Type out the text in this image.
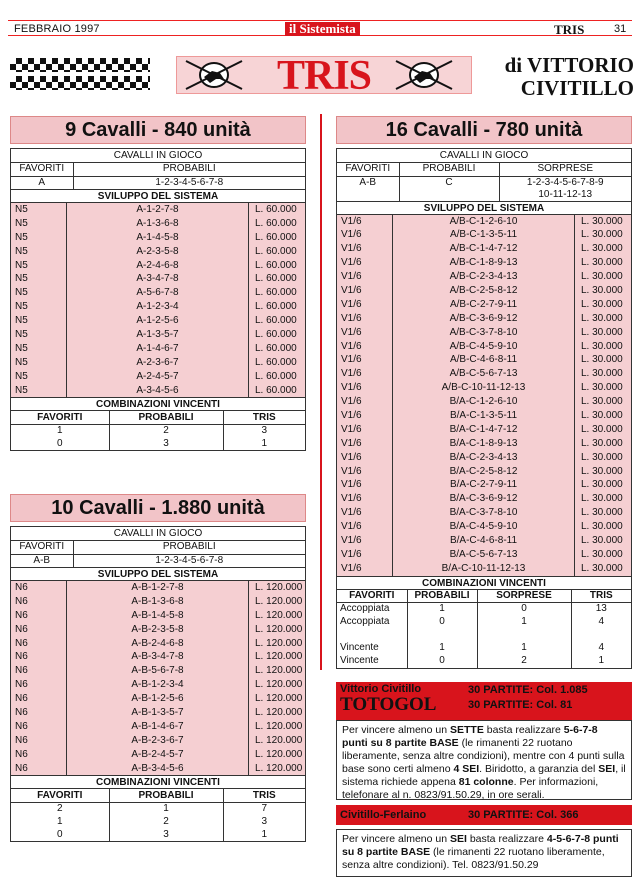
FEBBRAIO 1997	il Sistemista	TRIS	31
TRIS	di VITTORIO
CIVITILLO
9 Cavalli - 840 unità
CAVALLI IN GIOCO
FAVORITI	PROBABILI
A	1-2-3-4-5-6-7-8
SVILUPPO DEL SISTEMA
N5	A-1-2-7-8	L. 60.000
N5	A-1-3-6-8	L. 60.000
N5	A-1-4-5-8	L. 60.000
N5	A-2-3-5-8	L. 60.000
N5	A-2-4-6-8	L. 60.000
N5	A-3-4-7-8	L. 60.000
N5	A-5-6-7-8	L. 60.000
N5	A-1-2-3-4	L. 60.000
N5	A-1-2-5-6	L. 60.000
N5	A-1-3-5-7	L. 60.000
N5	A-1-4-6-7	L. 60.000
N5	A-2-3-6-7	L. 60.000
N5	A-2-4-5-7	L. 60.000
N5	A-3-4-5-6	L. 60.000
COMBINAZIONI VINCENTI
FAVORITI	PROBABILI	TRIS
1	2	3
0	3	1
10 Cavalli - 1.880 unità
CAVALLI IN GIOCO
FAVORITI	PROBABILI
A-B	1-2-3-4-5-6-7-8
SVILUPPO DEL SISTEMA
N6	A-B-1-2-7-8	L. 120.000
N6	A-B-1-3-6-8	L. 120.000
N6	A-B-1-4-5-8	L. 120.000
N6	A-B-2-3-5-8	L. 120.000
N6	A-B-2-4-6-8	L. 120.000
N6	A-B-3-4-7-8	L. 120.000
N6	A-B-5-6-7-8	L. 120.000
N6	A-B-1-2-3-4	L. 120.000
N6	A-B-1-2-5-6	L. 120.000
N6	A-B-1-3-5-7	L. 120.000
N6	A-B-1-4-6-7	L. 120.000
N6	A-B-2-3-6-7	L. 120.000
N6	A-B-2-4-5-7	L. 120.000
N6	A-B-3-4-5-6	L. 120.000
COMBINAZIONI VINCENTI
FAVORITI	PROBABILI	TRIS
2	1	7
1	2	3
0	3	1
16 Cavalli - 780 unità
CAVALLI IN GIOCO
FAVORITI	PROBABILI	SORPRESE
A-B	C	1-2-3-4-5-6-7-8-9
10-11-12-13
SVILUPPO DEL SISTEMA
V1/6	A/B-C-1-2-6-10	L. 30.000
V1/6	A/B-C-1-3-5-11	L. 30.000
V1/6	A/B-C-1-4-7-12	L. 30.000
V1/6	A/B-C-1-8-9-13	L. 30.000
V1/6	A/B-C-2-3-4-13	L. 30.000
V1/6	A/B-C-2-5-8-12	L. 30.000
V1/6	A/B-C-2-7-9-11	L. 30.000
V1/6	A/B-C-3-6-9-12	L. 30.000
V1/6	A/B-C-3-7-8-10	L. 30.000
V1/6	A/B-C-4-5-9-10	L. 30.000
V1/6	A/B-C-4-6-8-11	L. 30.000
V1/6	A/B-C-5-6-7-13	L. 30.000
V1/6	A/B-C-10-11-12-13	L. 30.000
V1/6	B/A-C-1-2-6-10	L. 30.000
V1/6	B/A-C-1-3-5-11	L. 30.000
V1/6	B/A-C-1-4-7-12	L. 30.000
V1/6	B/A-C-1-8-9-13	L. 30.000
V1/6	B/A-C-2-3-4-13	L. 30.000
V1/6	B/A-C-2-5-8-12	L. 30.000
V1/6	B/A-C-2-7-9-11	L. 30.000
V1/6	B/A-C-3-6-9-12	L. 30.000
V1/6	B/A-C-3-7-8-10	L. 30.000
V1/6	B/A-C-4-5-9-10	L. 30.000
V1/6	B/A-C-4-6-8-11	L. 30.000
V1/6	B/A-C-5-6-7-13	L. 30.000
V1/6	B/A-C-10-11-12-13	L. 30.000
COMBINAZIONI VINCENTI
FAVORITI	PROBABILI	SORPRESE	TRIS
Accoppiata	1	0	13
Accoppiata	0	1	4

Vincente	1	1	4
Vincente	0	2	1
Vittorio Civitillo
TOTOGOL
30 PARTITE: Col. 1.085
30 PARTITE: Col. 81
Per vincere almeno un SETTE basta realizzare 5-6-7-8 punti su 8 partite BASE (le rimanenti 22 ruotano liberamente, senza altre condizioni), mentre con 4 punti sulla base sono certi almeno 4 SEI. Biridotto, a garanzia del SEI, il sistema richiede appena 81 colonne. Per informazioni, telefonare al n. 0823/91.50.29, in ore serali.
Civitillo-Ferlaino	30 PARTITE: Col. 366
Per vincere almeno un SEI basta realizzare 4-5-6-7-8 punti su 8 partite BASE (le rimanenti 22 ruotano liberamente, senza altre condizioni). Tel. 0823/91.50.29
